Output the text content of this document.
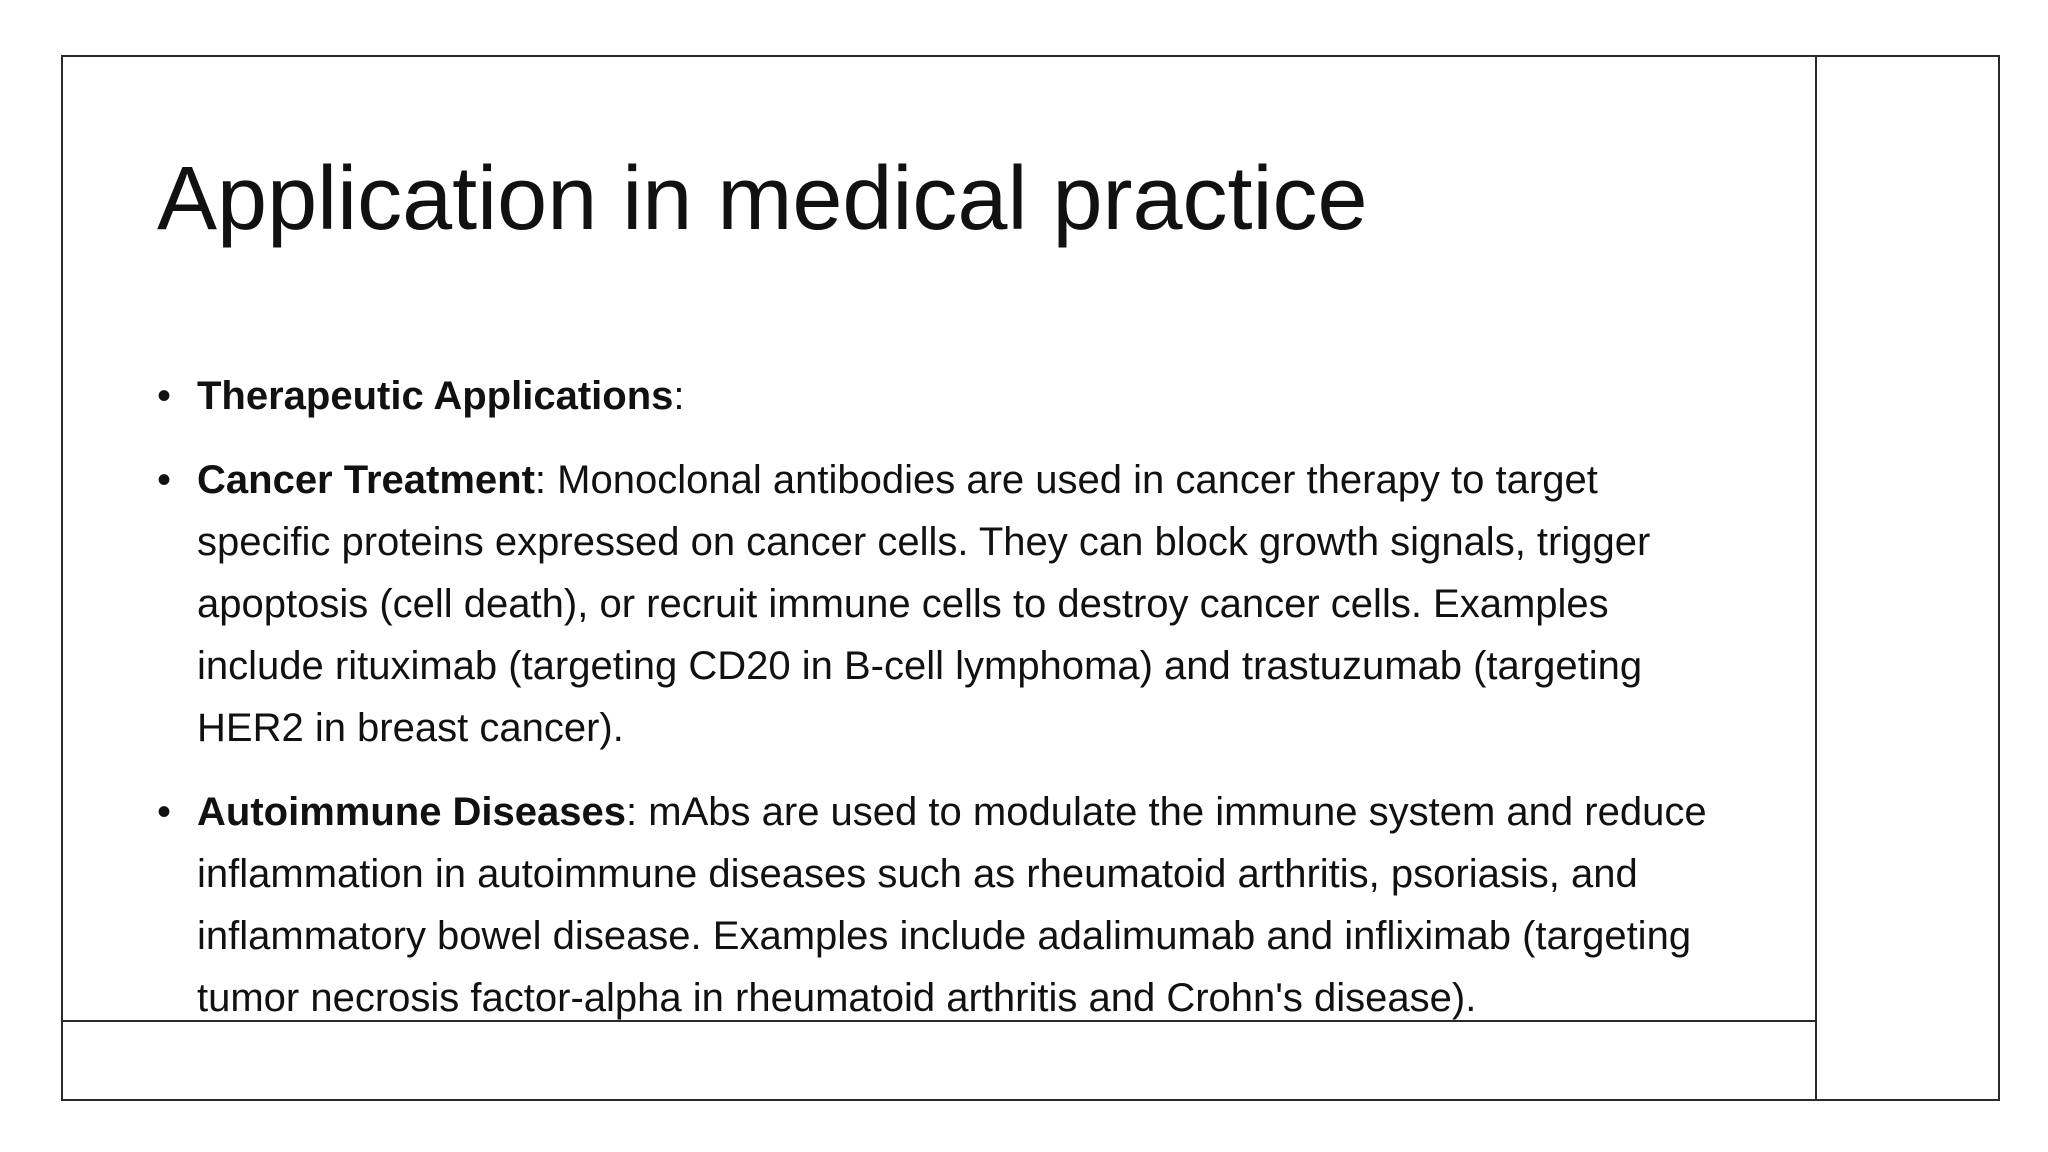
Application in medical practice
• Therapeutic Applications:
• Cancer Treatment: Monoclonal antibodies are used in cancer therapy to target specific proteins expressed on cancer cells. They can block growth signals, trigger apoptosis (cell death), or recruit immune cells to destroy cancer cells. Examples include rituximab (targeting CD20 in B-cell lymphoma) and trastuzumab (targeting HER2 in breast cancer).
• Autoimmune Diseases: mAbs are used to modulate the immune system and reduce inflammation in autoimmune diseases such as rheumatoid arthritis, psoriasis, and inflammatory bowel disease. Examples include adalimumab and infliximab (targeting tumor necrosis factor-alpha in rheumatoid arthritis and Crohn's disease).
